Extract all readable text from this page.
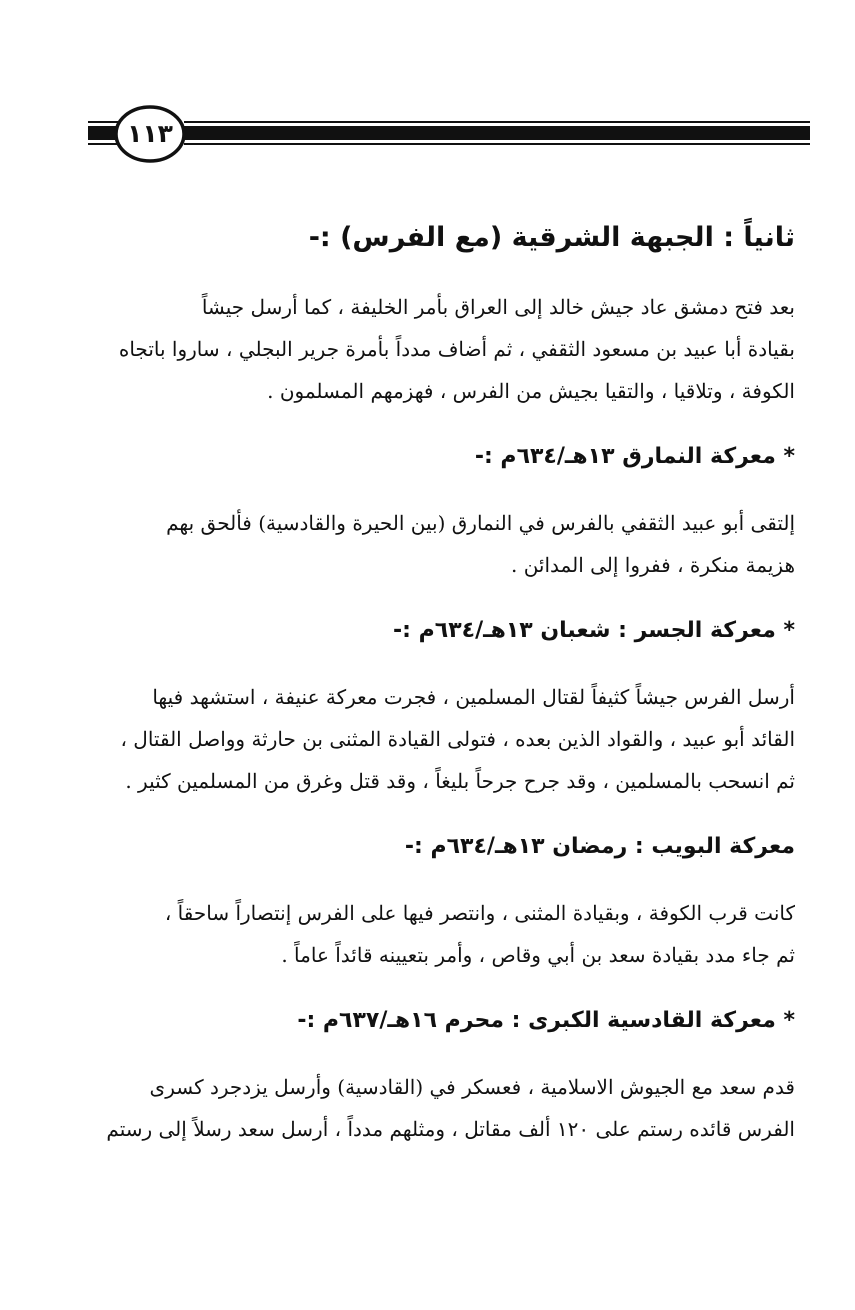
١١٣
ثانياً : الجبهة الشرقية (مع الفرس) :-
بعد فتح دمشق عاد جيش خالد إلى العراق بأمر الخليفة ، كما أرسل جيشاً
بقيادة أبا عبيد بن مسعود الثقفي ، ثم أضاف مدداً بأمرة جرير البجلي ، ساروا باتجاه
الكوفة ، وتلاقيا ، والتقيا بجيش من الفرس ، فهزمهم المسلمون .
* معركة النمارق ١٣هـ/٦٣٤م :-
إلتقى أبو عبيد الثقفي بالفرس في النمارق (بين الحيرة والقادسية) فألحق بهم
هزيمة منكرة ، ففروا إلى المدائن .
* معركة الجسر : شعبان ١٣هـ/٦٣٤م :-
أرسل الفرس جيشاً كثيفاً لقتال المسلمين ، فجرت معركة عنيفة ، استشهد فيها
القائد أبو عبيد ، والقواد الذين بعده ، فتولى القيادة المثنى بن حارثة وواصل القتال ،
ثم انسحب بالمسلمين ، وقد جرح جرحاً بليغاً ، وقد قتل وغرق من المسلمين كثير .
معركة البويب : رمضان ١٣هـ/٦٣٤م :-
كانت قرب الكوفة ، وبقيادة المثنى ، وانتصر فيها على الفرس إنتصاراً ساحقاً ،
ثم جاء مدد بقيادة سعد بن أبي وقاص ، وأمر بتعيينه قائداً عاماً .
* معركة القادسية الكبرى : محرم ١٦هـ/٦٣٧م :-
قدم سعد مع الجيوش الاسلامية ، فعسكر في (القادسية) وأرسل يزدجرد كسرى
الفرس قائده رستم على ١٢٠ ألف مقاتل ، ومثلهم مدداً ، أرسل سعد رسلاً إلى رستم
